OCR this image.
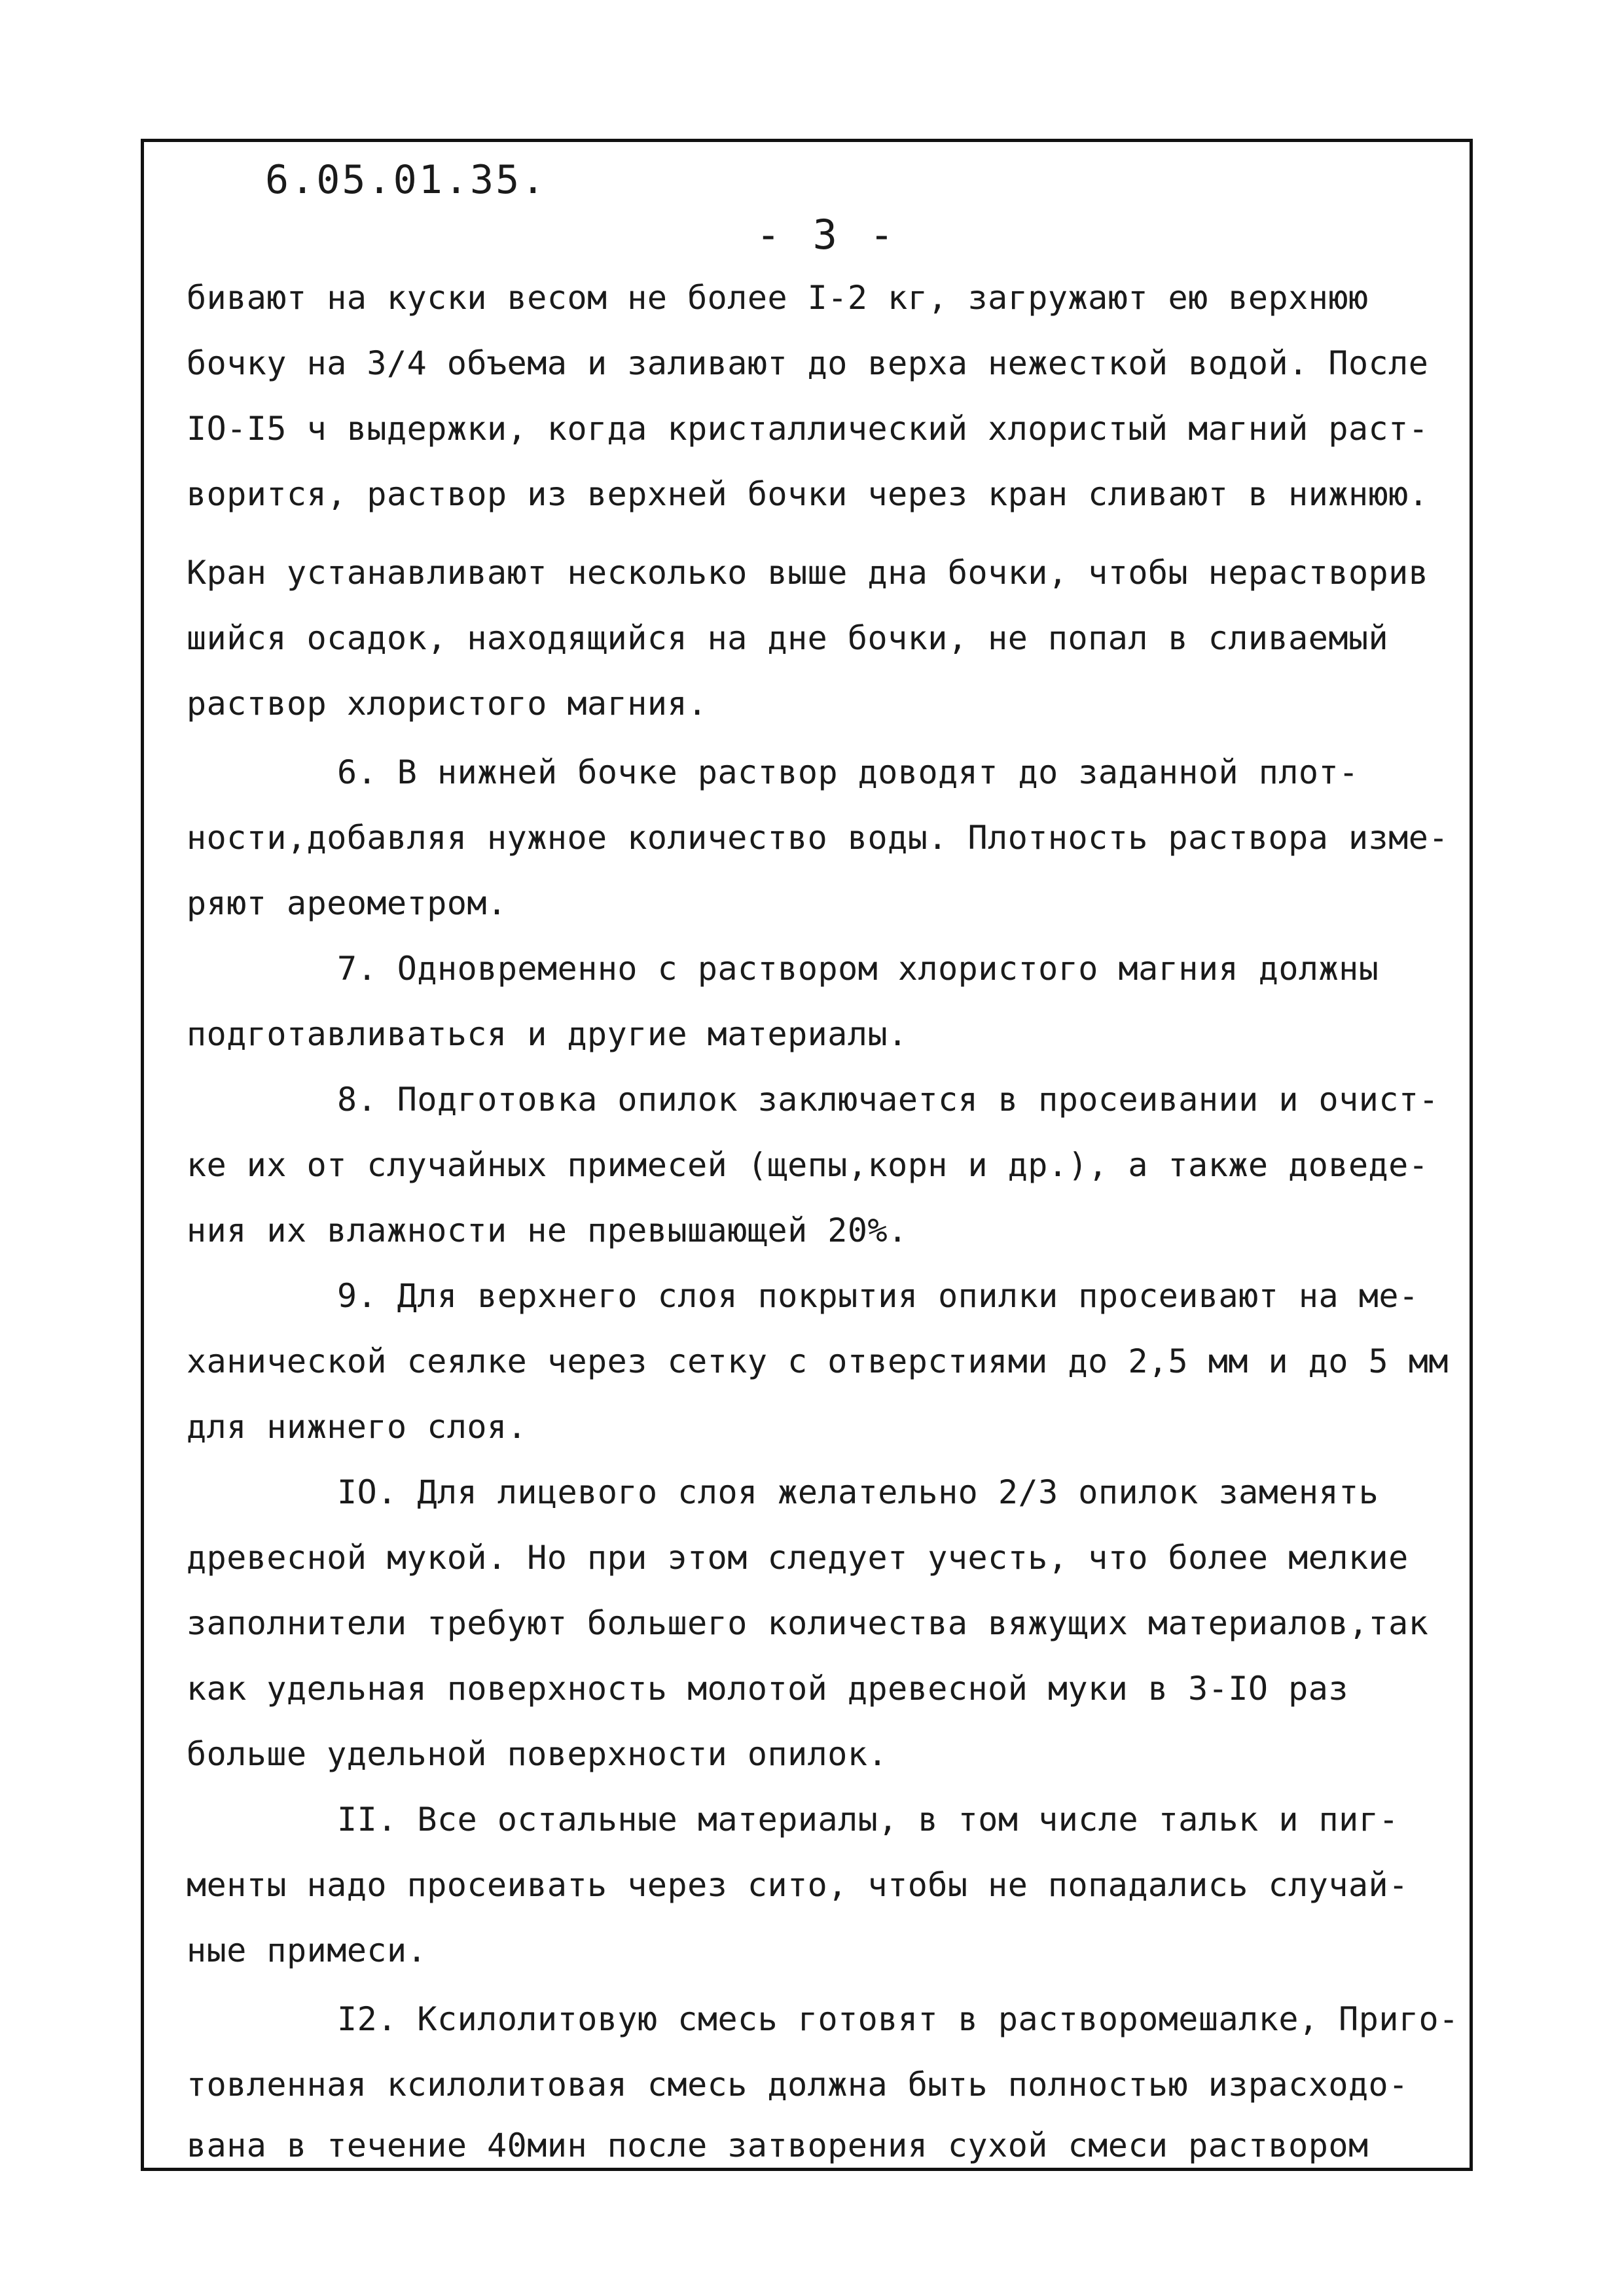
6.05.01.35.
- 3 -
бивают на куски весом не более I-2 кг, загружают ею верхнюю
бочку на 3/4 объема и заливают до верха нежесткой водой. После
IO-I5 ч выдержки, когда кристаллический хлористый магний раст-
ворится, раствор из верхней бочки через кран сливают в нижнюю.
Кран устанавливают несколько выше дна бочки, чтобы нерастворив
шийся осадок, находящийся на дне бочки, не попал в сливаемый
раствор хлористого магния.
6. В нижней бочке раствор доводят до заданной плот-
ности,добавляя нужное количество воды. Плотность раствора изме-
ряют ареометром.
7. Одновременно с раствором хлористого магния должны
подготавливаться и другие материалы.
8. Подготовка опилок заключается в просеивании и очист-
ке их от случайных примесей (щепы,корн и др.), а также доведе-
ния их влажности не превышающей 20%.
9. Для верхнего слоя покрытия опилки просеивают на ме-
ханической сеялке через сетку с отверстиями до 2,5 мм и до 5 мм
для нижнего слоя.
IO. Для лицевого слоя желательно 2/3 опилок заменять
древесной мукой. Но при этом следует учесть, что более мелкие
заполнители требуют большего количества вяжущих материалов,так
как удельная поверхность молотой древесной муки в 3-IO раз
больше удельной поверхности опилок.
II. Все остальные материалы, в том числе тальк и пиг-
менты надо просеивать через сито, чтобы не попадались случай-
ные примеси.
I2. Ксилолитовую смесь готовят в растворомешалке, Приго-
товленная ксилолитовая смесь должна быть полностью израсходо-
вана в течение 40мин после затворения сухой смеси раствором
